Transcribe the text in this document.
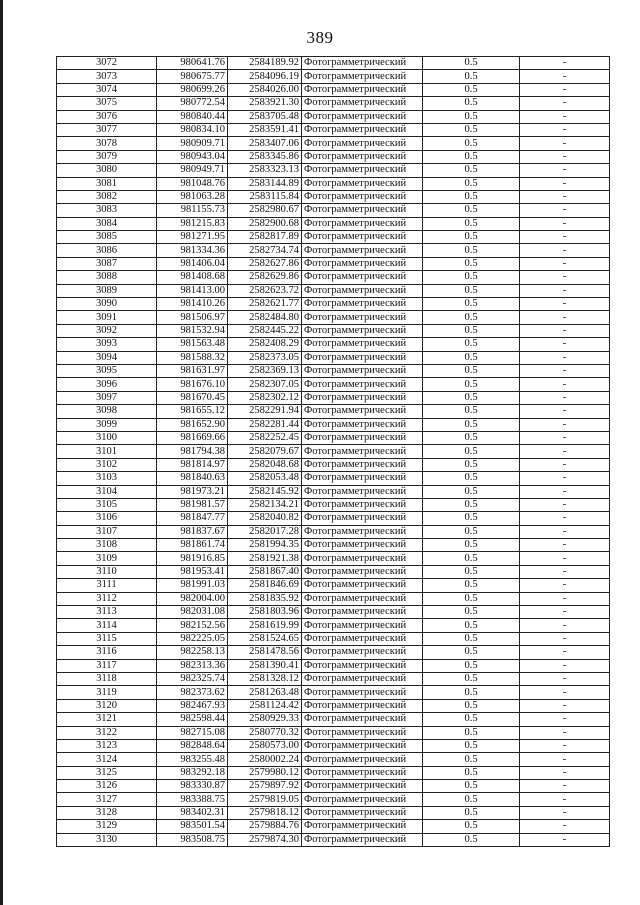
389
3072	980641.76	2584189.92	Фотограмметрический	0.5	-
3073	980675.77	2584096.19	Фотограмметрический	0.5	-
3074	980699.26	2584026.00	Фотограмметрический	0.5	-
3075	980772.54	2583921.30	Фотограмметрический	0.5	-
3076	980840.44	2583705.48	Фотограмметрический	0.5	-
3077	980834.10	2583591.41	Фотограмметрический	0.5	-
3078	980909.71	2583407.06	Фотограмметрический	0.5	-
3079	980943.04	2583345.86	Фотограмметрический	0.5	-
3080	980949.71	2583323.13	Фотограмметрический	0.5	-
3081	981048.76	2583144.89	Фотограмметрический	0.5	-
3082	981063.28	2583115.84	Фотограмметрический	0.5	-
3083	981155.73	2582980.67	Фотограмметрический	0.5	-
3084	981215.83	2582900.68	Фотограмметрический	0.5	-
3085	981271.95	2582817.89	Фотограмметрический	0.5	-
3086	981334.36	2582734.74	Фотограмметрический	0.5	-
3087	981406.04	2582627.86	Фотограмметрический	0.5	-
3088	981408.68	2582629.86	Фотограмметрический	0.5	-
3089	981413.00	2582623.72	Фотограмметрический	0.5	-
3090	981410.26	2582621.77	Фотограмметрический	0.5	-
3091	981506.97	2582484.80	Фотограмметрический	0.5	-
3092	981532.94	2582445.22	Фотограмметрический	0.5	-
3093	981563.48	2582408.29	Фотограмметрический	0.5	-
3094	981588.32	2582373.05	Фотограмметрический	0.5	-
3095	981631.97	2582369.13	Фотограмметрический	0.5	-
3096	981676.10	2582307.05	Фотограмметрический	0.5	-
3097	981670.45	2582302.12	Фотограмметрический	0.5	-
3098	981655.12	2582291.94	Фотограмметрический	0.5	-
3099	981652.90	2582281.44	Фотограмметрический	0.5	-
3100	981669.66	2582252.45	Фотограмметрический	0.5	-
3101	981794.38	2582079.67	Фотограмметрический	0.5	-
3102	981814.97	2582048.68	Фотограмметрический	0.5	-
3103	981840.63	2582053.48	Фотограмметрический	0.5	-
3104	981973.21	2582145.92	Фотограмметрический	0.5	-
3105	981981.57	2582134.21	Фотограмметрический	0.5	-
3106	981847.77	2582040.82	Фотограмметрический	0.5	-
3107	981837.67	2582017.28	Фотограмметрический	0.5	-
3108	981861.74	2581994.35	Фотограмметрический	0.5	-
3109	981916.85	2581921.38	Фотограмметрический	0.5	-
3110	981953.41	2581867.40	Фотограмметрический	0.5	-
3111	981991.03	2581846.69	Фотограмметрический	0.5	-
3112	982004.00	2581835.92	Фотограмметрический	0.5	-
3113	982031.08	2581803.96	Фотограмметрический	0.5	-
3114	982152.56	2581619.99	Фотограмметрический	0.5	-
3115	982225.05	2581524.65	Фотограмметрический	0.5	-
3116	982258.13	2581478.56	Фотограмметрический	0.5	-
3117	982313.36	2581390.41	Фотограмметрический	0.5	-
3118	982325.74	2581328.12	Фотограмметрический	0.5	-
3119	982373.62	2581263.48	Фотограмметрический	0.5	-
3120	982467.93	2581124.42	Фотограмметрический	0.5	-
3121	982598.44	2580929.33	Фотограмметрический	0.5	-
3122	982715.08	2580770.32	Фотограмметрический	0.5	-
3123	982848.64	2580573.00	Фотограмметрический	0.5	-
3124	983255.48	2580002.24	Фотограмметрический	0.5	-
3125	983292.18	2579980.12	Фотограмметрический	0.5	-
3126	983330.87	2579897.92	Фотограмметрический	0.5	-
3127	983388.75	2579819.05	Фотограмметрический	0.5	-
3128	983402.31	2579818.12	Фотограмметрический	0.5	-
3129	983501.54	2579884.76	Фотограмметрический	0.5	-
3130	983508.75	2579874.30	Фотограмметрический	0.5	-
